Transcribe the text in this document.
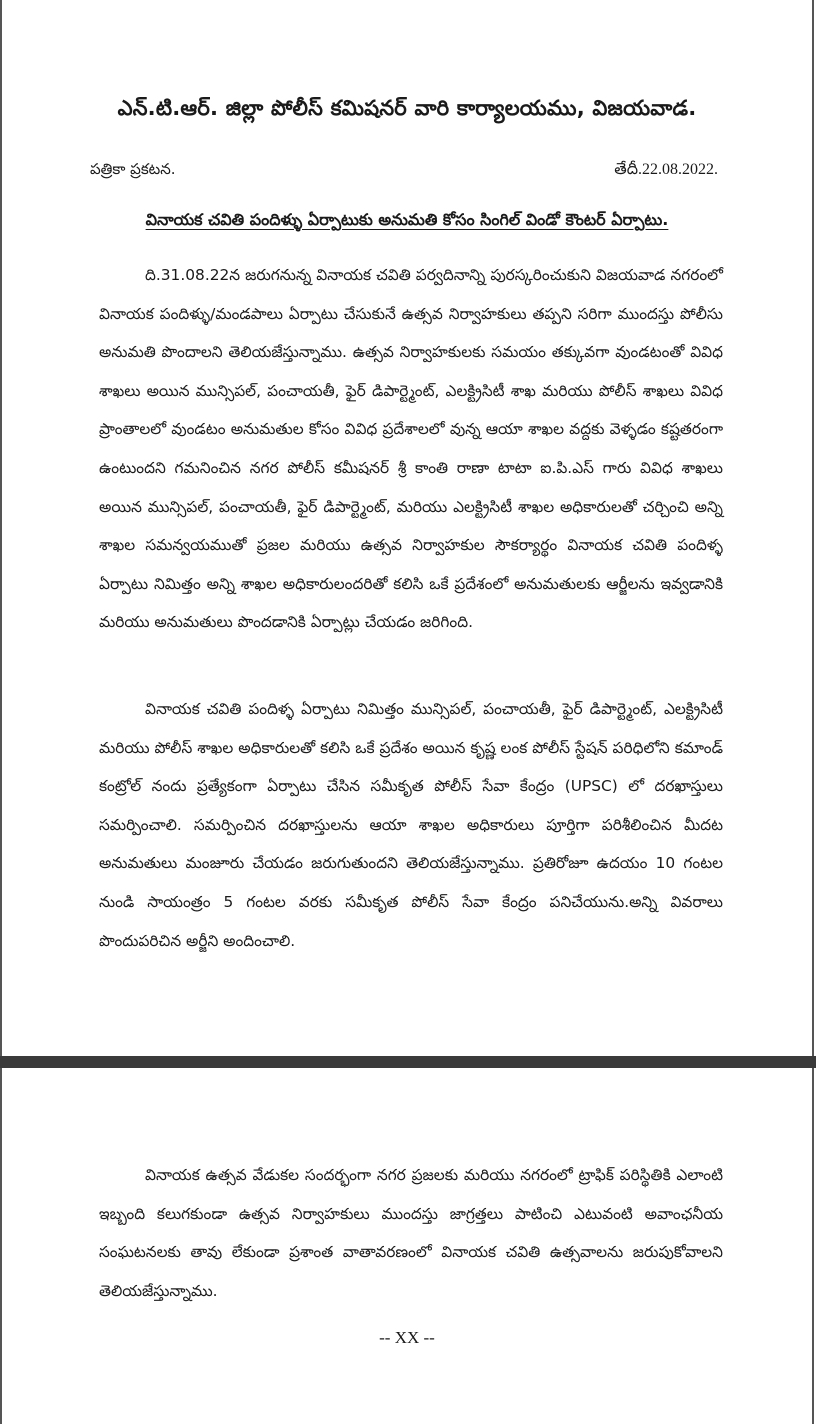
ఎన్.టి.ఆర్. జిల్లా పోలీస్ కమిషనర్ వారి కార్యాలయము, విజయవాడ.
పత్రికా ప్రకటన.	తేదీ.22.08.2022.
వినాయక చవితి పందిళ్ళు ఏర్పాటుకు అనుమతి కోసం సింగిల్ విండో కౌంటర్ ఏర్పాటు.

ది.31.08.22న జరుగనున్న వినాయక చవితి పర్వదినాన్ని పురస్కరించుకుని విజయవాడ నగరంలో వినాయక పందిళ్ళు/మండపాలు ఏర్పాటు చేసుకునే ఉత్సవ నిర్వాహకులు తప్పని సరిగా ముందస్తు పోలీసు అనుమతి పొందాలని తెలియజేస్తున్నాము. ఉత్సవ నిర్వాహకులకు సమయం తక్కువగా వుండటంతో వివిధ శాఖలు అయిన మున్సిపల్, పంచాయతీ, ఫైర్ డిపార్ట్మెంట్, ఎలక్ట్రిసిటీ శాఖ మరియు పోలీస్ శాఖలు వివిధ ప్రాంతాలలో వుండటం అనుమతుల కోసం వివిధ ప్రదేశాలలో వున్న ఆయా శాఖల వద్దకు వెళ్ళడం కష్టతరంగా ఉంటుందని గమనించిన నగర పోలీస్ కమీషనర్ శ్రీ కాంతి రాణా టాటా ఐ.పి.ఎస్ గారు వివిధ శాఖలు అయిన మున్సిపల్, పంచాయతీ, ఫైర్ డిపార్ట్మెంట్, మరియు ఎలక్ట్రిసిటీ శాఖల అధికారులతో చర్చించి అన్ని శాఖల సమన్వయముతో ప్రజల మరియు ఉత్సవ నిర్వాహకుల సౌకర్యార్థం వినాయక చవితి పందిళ్ళ ఏర్పాటు నిమిత్తం అన్ని శాఖల అధికారులందరితో కలిసి ఒకే ప్రదేశంలో అనుమతులకు ఆర్జీలను ఇవ్వడానికి మరియు అనుమతులు పొందడానికి ఏర్పాట్లు చేయడం జరిగింది.

వినాయక చవితి పందిళ్ళ ఏర్పాటు నిమిత్తం మున్సిపల్, పంచాయతీ, ఫైర్ డిపార్ట్మెంట్, ఎలక్ట్రిసిటీ మరియు పోలీస్ శాఖల అధికారులతో కలిసి ఒకే ప్రదేశం అయిన కృష్ణ లంక పోలీస్ స్టేషన్ పరిధిలోని కమాండ్ కంట్రోల్ నందు ప్రత్యేకంగా ఏర్పాటు చేసిన సమీకృత పోలీస్ సేవా కేంద్రం (UPSC) లో దరఖాస్తులు సమర్పించాలి. సమర్పించిన దరఖాస్తులను ఆయా శాఖల అధికారులు పూర్తిగా పరిశీలించిన మీదట అనుమతులు మంజూరు చేయడం జరుగుతుందని తెలియజేస్తున్నాము. ప్రతిరోజూ ఉదయం 10 గంటల నుండి సాయంత్రం 5 గంటల వరకు సమీకృత పోలీస్ సేవా కేంద్రం పనిచేయును.అన్ని వివరాలు పొందుపరిచిన అర్జీని అందించాలి.

వినాయక ఉత్సవ వేడుకల సందర్భంగా నగర ప్రజలకు మరియు నగరంలో ట్రాఫిక్ పరిస్థితికి ఎలాంటి ఇబ్బంది కలుగకుండా ఉత్సవ నిర్వాహకులు ముందస్తు జాగ్రత్తలు పాటించి ఎటువంటి అవాంఛనీయ సంఘటనలకు తావు లేకుండా ప్రశాంత వాతావరణంలో వినాయక చవితి ఉత్సవాలను జరుపుకోవాలని తెలియజేస్తున్నాము.

-- XX --
